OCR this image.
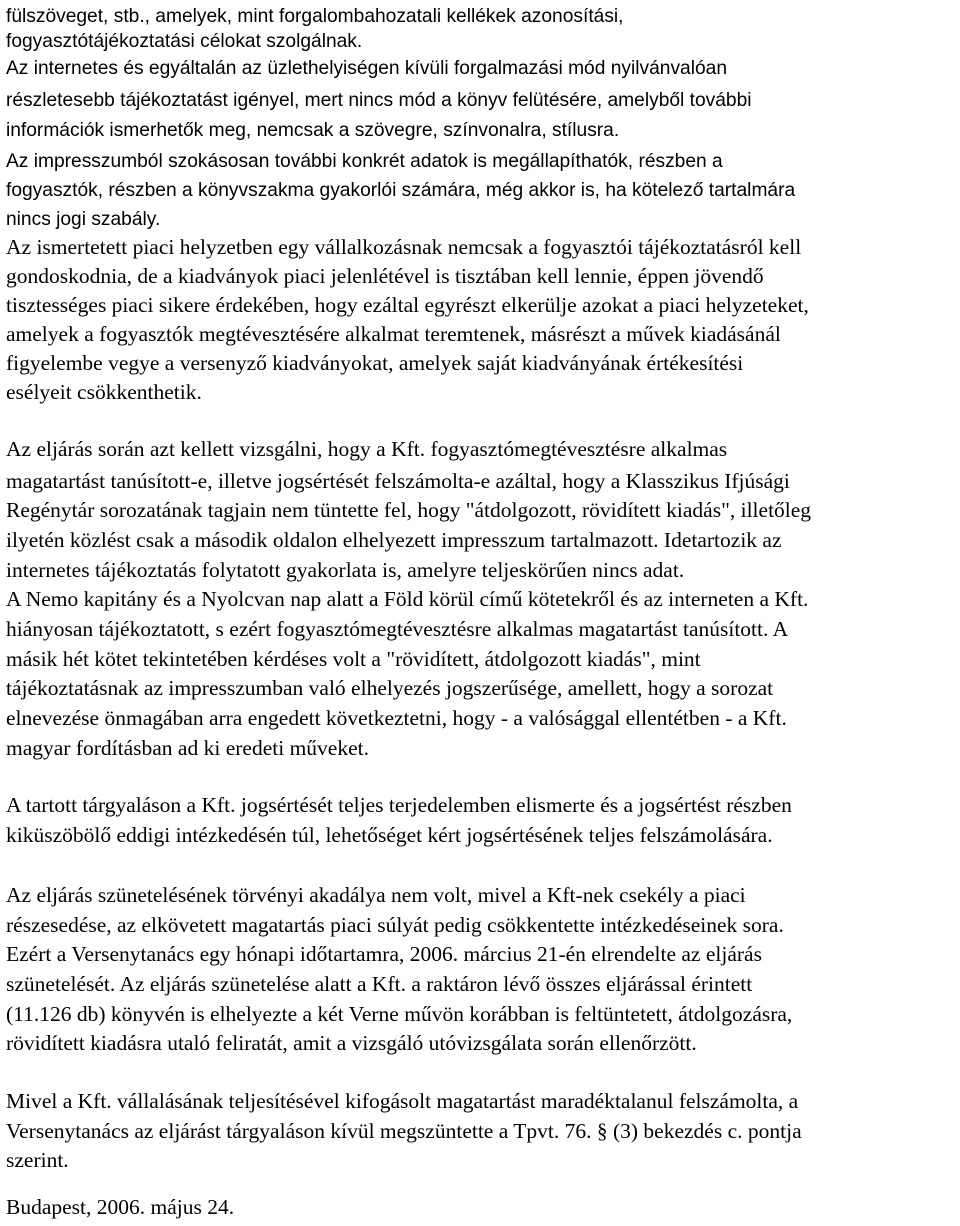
fülszöveget, stb., amelyek, mint forgalombahozatali kellékek azonosítási,
fogyasztótájékoztatási célokat szolgálnak.
Az internetes és egyáltalán az üzlethelyiségen kívüli forgalmazási mód nyilvánvalóan
részletesebb tájékoztatást igényel, mert nincs mód a könyv felütésére, amelyből további
információk ismerhetők meg, nemcsak a szövegre, színvonalra, stílusra.
Az impresszumból szokásosan további konkrét adatok is megállapíthatók, részben a
fogyasztók, részben a könyvszakma gyakorlói számára, még akkor is, ha kötelező tartalmára
nincs jogi szabály.
Az ismertetett piaci helyzetben egy vállalkozásnak nemcsak a fogyasztói tájékoztatásról kell
gondoskodnia, de a kiadványok piaci jelenlétével is tisztában kell lennie, éppen jövendő
tisztességes piaci sikere érdekében, hogy ezáltal egyrészt elkerülje azokat a piaci helyzeteket,
amelyek a fogyasztók megtévesztésére alkalmat teremtenek, másrészt a művek kiadásánál
figyelembe vegye a versenyző kiadványokat, amelyek saját kiadványának értékesítési
esélyeit csökkenthetik.
Az eljárás során azt kellett vizsgálni, hogy a Kft. fogyasztómegtévesztésre alkalmas
magatartást tanúsított-e, illetve jogsértését felszámolta-e azáltal, hogy a Klasszikus Ifjúsági
Regénytár sorozatának tagjain nem tüntette fel, hogy "átdolgozott, rövidített kiadás", illetőleg
ilyetén közlést csak a második oldalon elhelyezett impresszum tartalmazott. Idetartozik az
internetes tájékoztatás folytatott gyakorlata is, amelyre teljeskörűen nincs adat.
A Nemo kapitány és a Nyolcvan nap alatt a Föld körül című kötetekről és az interneten a Kft.
hiányosan tájékoztatott, s ezért fogyasztómegtévesztésre alkalmas magatartást tanúsított. A
másik hét kötet tekintetében kérdéses volt a "rövidített, átdolgozott kiadás", mint
tájékoztatásnak az impresszumban való elhelyezés jogszerűsége, amellett, hogy a sorozat
elnevezése önmagában arra engedett következtetni, hogy - a valósággal ellentétben - a Kft.
magyar fordításban ad ki eredeti műveket.
A tartott tárgyaláson a Kft. jogsértését teljes terjedelemben elismerte és a jogsértést részben
kiküszöbölő eddigi intézkedésén túl, lehetőséget kért jogsértésének teljes felszámolására.
Az eljárás szünetelésének törvényi akadálya nem volt, mivel a Kft-nek csekély a piaci
részesedése, az elkövetett magatartás piaci súlyát pedig csökkentette intézkedéseinek sora.
Ezért a Versenytanács egy hónapi időtartamra, 2006. március 21-én elrendelte az eljárás
szünetelését. Az eljárás szünetelése alatt a Kft. a raktáron lévő összes eljárással érintett
(11.126 db) könyvén is elhelyezte a két Verne művön korábban is feltüntetett, átdolgozásra,
rövidített kiadásra utaló feliratát, amit a vizsgáló utóvizsgálata során ellenőrzött.
Mivel a Kft. vállalásának teljesítésével kifogásolt magatartást maradéktalanul felszámolta, a
Versenytanács az eljárást tárgyaláson kívül megszüntette a Tpvt. 76. § (3) bekezdés c. pontja
szerint.
Budapest, 2006. május 24.
